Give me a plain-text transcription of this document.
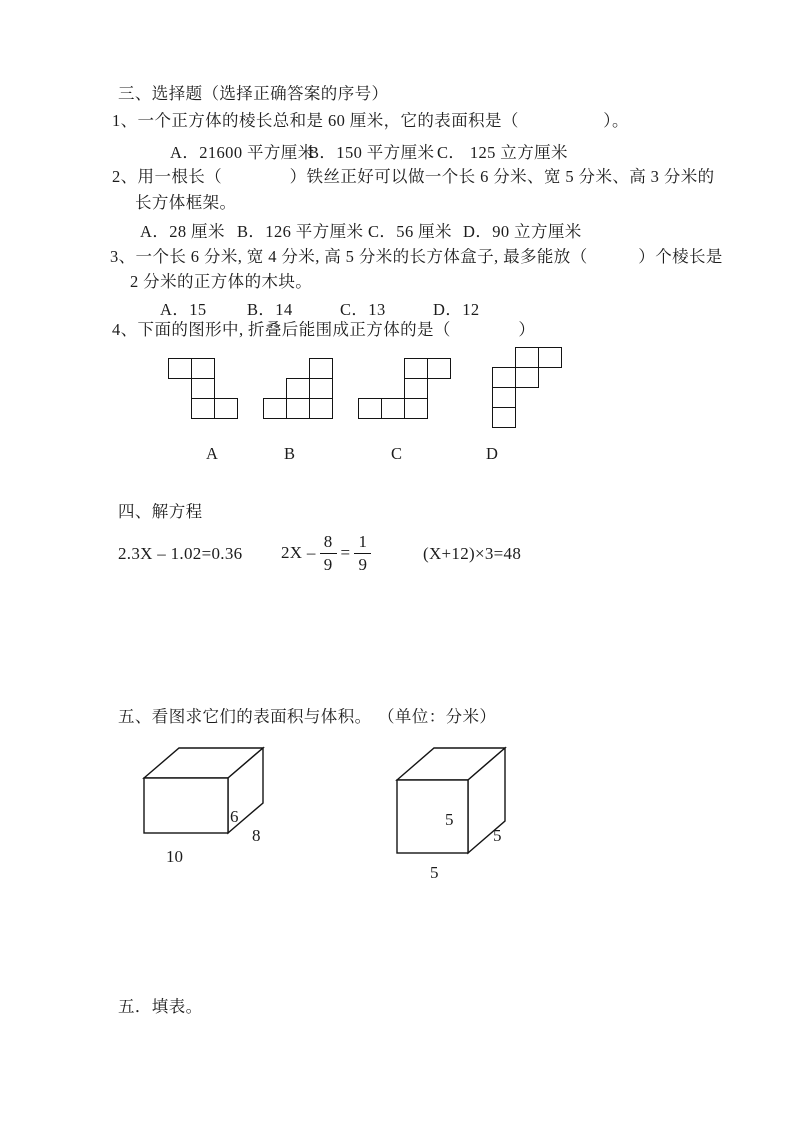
三、选择题（选择正确答案的序号）
1、一个正方体的棱长总和是 60 厘米，它的表面积是（　　　　　）。
A．21600 平方厘米
B．150 平方厘米 C． 125 立方厘米
2、用一根长（　　　　）铁丝正好可以做一个长 6 分米、宽 5 分米、高 3 分米的
长方体框架。
A．28 厘米 B．126 平方厘米 C．56 厘米 D．90 立方厘米
3、一个长 6 分米, 宽 4 分米, 高 5 分米的长方体盒子, 最多能放（　　　）个棱长是
2 分米的正方体的木块。
A．15 B．14	C．13	D．12
4、下面的图形中, 折叠后能围成正方体的是（　　　　）
A	B	C	D
四、解方程
2.3X – 1.02=0.36 $2X - \frac{8}{9} = \frac{1}{9}$	(X+12)×3=48
五、看图求它们的表面积与体积。 （单位：分米）
6
8
10
5
5
5
五．填表。
